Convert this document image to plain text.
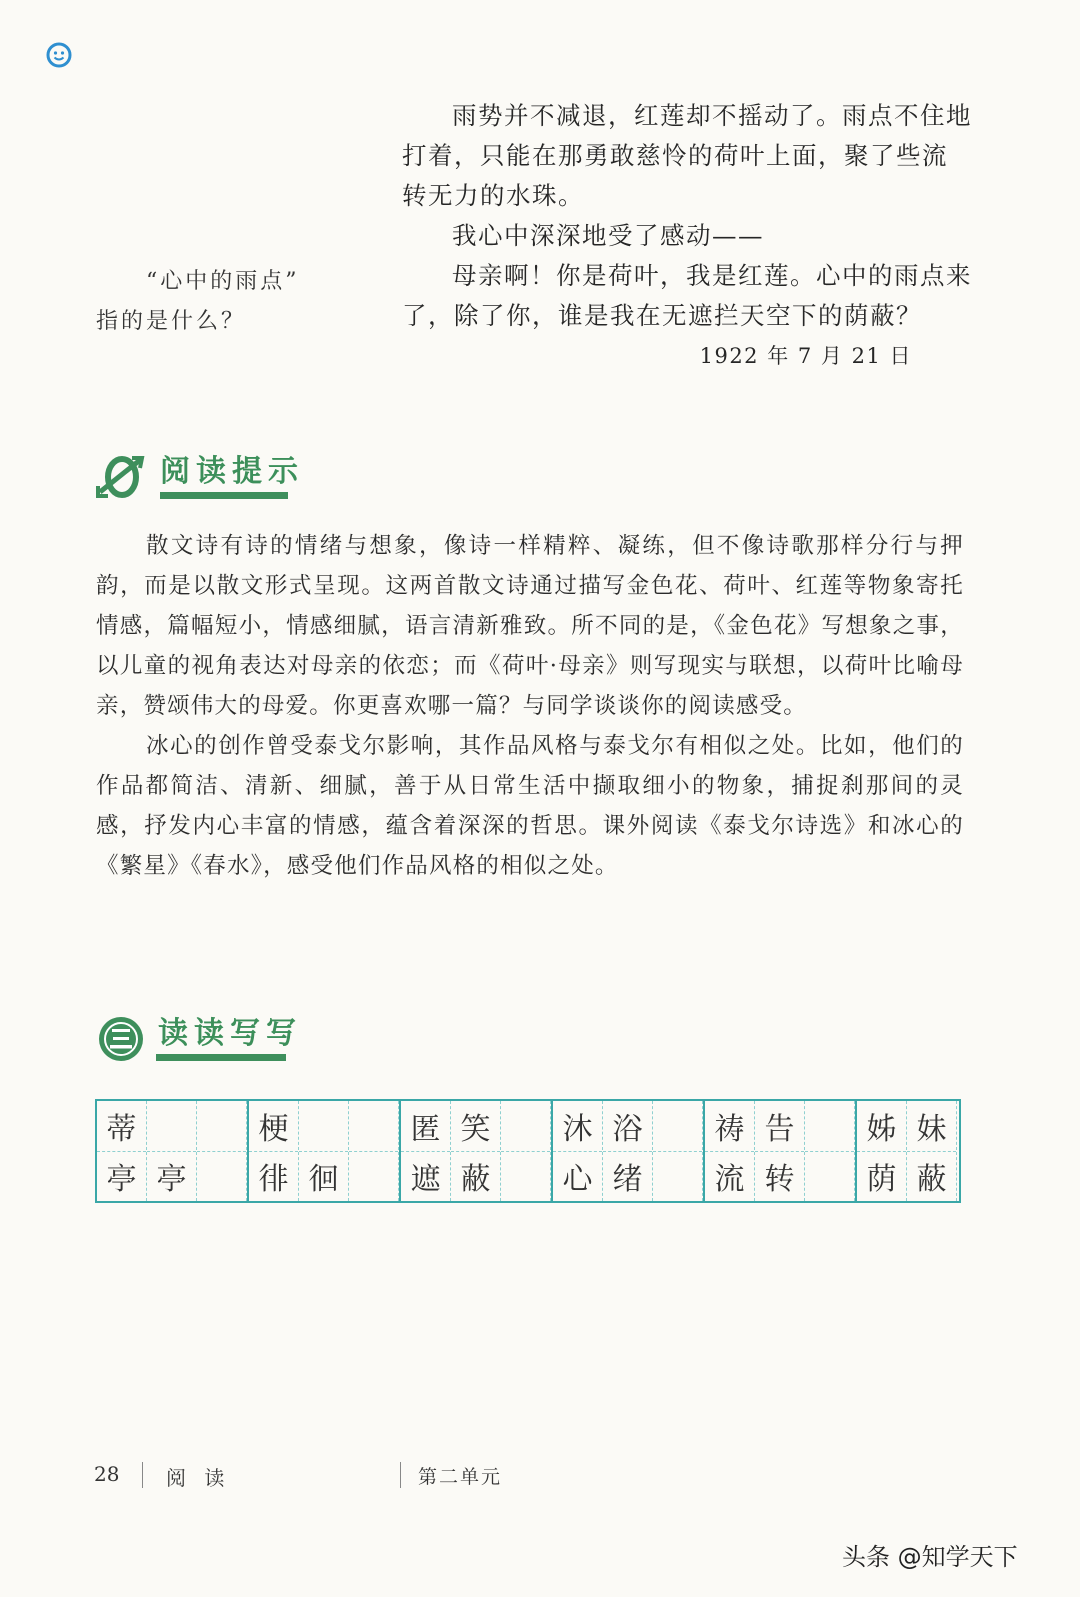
雨势并不减退，红莲却不摇动了。雨点不住地打着，只能在那勇敢慈怜的荷叶上面，聚了些流转无力的水珠。

我心中深深地受了感动——

母亲啊！你是荷叶，我是红莲。心中的雨点来了，除了你，谁是我在无遮拦天空下的荫蔽？

1922 年 7 月 21 日

“心中的雨点”
指的是什么？
阅读提示

散文诗有诗的情绪与想象，像诗一样精粹、凝练，但不像诗歌那样分行与押韵，而是以散文形式呈现。这两首散文诗通过描写金色花、荷叶、红莲等物象寄托情感，篇幅短小，情感细腻，语言清新雅致。所不同的是，《金色花》写想象之事，以儿童的视角表达对母亲的依恋；而《荷叶·母亲》则写现实与联想，以荷叶比喻母亲，赞颂伟大的母爱。你更喜欢哪一篇？与同学谈谈你的阅读感受。

冰心的创作曾受泰戈尔影响，其作品风格与泰戈尔有相似之处。比如，他们的作品都简洁、清新、细腻，善于从日常生活中撷取细小的物象，捕捉刹那间的灵感，抒发内心丰富的情感，蕴含着深深的哲思。课外阅读《泰戈尔诗选》和冰心的《繁星》《春水》，感受他们作品风格的相似之处。

读读写写
蒂
亭 亭
梗
徘 徊
匿
遮
笑
蔽
沐
心
浴
绪
祷
流
告
转
姊
荫
妹
蔽
28 阅 读	第二单元
头条 @知学天下
